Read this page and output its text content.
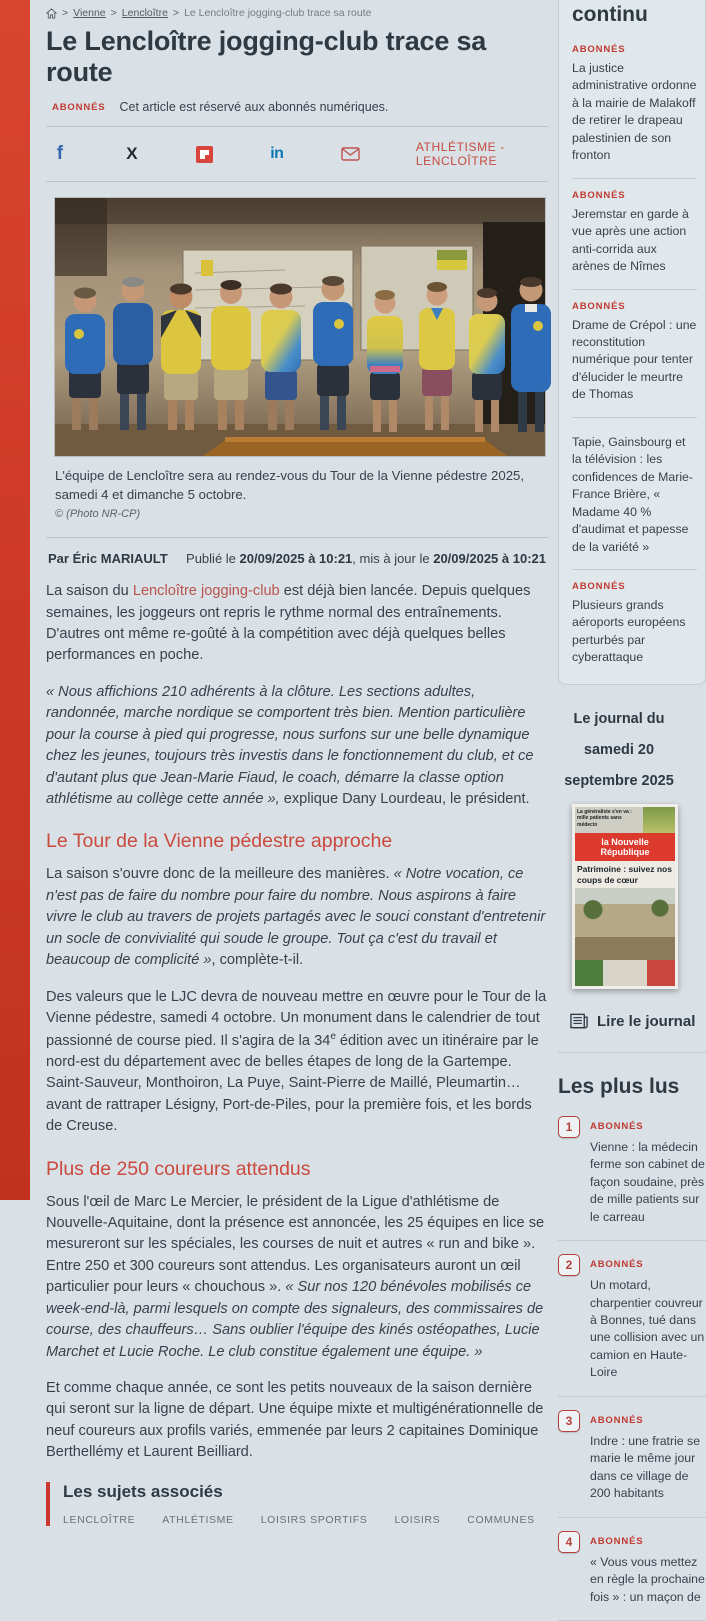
> Vienne > Lencloître > Le Lencloître jogging-club trace sa route
Le Lencloître jogging-club trace sa route
ABONNÉS Cet article est réservé aux abonnés numériques.
f	X	in	ATHLÉTISME - LENCLOÎTRE
L'équipe de Lencloître sera au rendez-vous du Tour de la Vienne pédestre 2025, samedi 4 et dimanche 5 octobre.
© (Photo NR-CP)
Par Éric MARIAULT Publié le 20/09/2025 à 10:21, mis à jour le 20/09/2025 à 10:21

La saison du Lencloître jogging-club est déjà bien lancée. Depuis quelques semaines, les joggeurs ont repris le rythme normal des entraînements. D'autres ont même re-goûté à la compétition avec déjà quelques belles performances en poche.

« Nous affichions 210 adhérents à la clôture. Les sections adultes, randonnée, marche nordique se comportent très bien. Mention particulière pour la course à pied qui progresse, nous surfons sur une belle dynamique chez les jeunes, toujours très investis dans le fonctionnement du club, et ce d'autant plus que Jean-Marie Fiaud, le coach, démarre la classe option athlétisme au collège cette année », explique Dany Lourdeau, le président.

Le Tour de la Vienne pédestre approche

La saison s'ouvre donc de la meilleure des manières. « Notre vocation, ce n'est pas de faire du nombre pour faire du nombre. Nous aspirons à faire vivre le club au travers de projets partagés avec le souci constant d'entretenir un socle de convivialité qui soude le groupe. Tout ça c'est du travail et beaucoup de complicité », complète-t-il.

Des valeurs que le LJC devra de nouveau mettre en œuvre pour le Tour de la Vienne pédestre, samedi 4 octobre. Un monument dans le calendrier de tout passionné de course pied. Il s'agira de la 34e édition avec un itinéraire par le nord-est du département avec de belles étapes de long de la Gartempe. Saint-Sauveur, Monthoiron, La Puye, Saint-Pierre de Maillé, Pleumartin… avant de rattraper Lésigny, Port-de-Piles, pour la première fois, et les bords de Creuse.

Plus de 250 coureurs attendus

Sous l'œil de Marc Le Mercier, le président de la Ligue d'athlétisme de Nouvelle-Aquitaine, dont la présence est annoncée, les 25 équipes en lice se mesureront sur les spéciales, les courses de nuit et autres « run and bike ». Entre 250 et 300 coureurs sont attendus. Les organisateurs auront un œil particulier pour leurs « chouchous ». « Sur nos 120 bénévoles mobilisés ce week-end-là, parmi lesquels on compte des signaleurs, des commissaires de course, des chauffeurs… Sans oublier l'équipe des kinés ostéopathes, Lucie Marchet et Lucie Roche. Le club constitue également une équipe. »

Et comme chaque année, ce sont les petits nouveaux de la saison dernière qui seront sur la ligne de départ. Une équipe mixte et multigénérationnelle de neuf coureurs aux profils variés, emmenée par leurs 2 capitaines Dominique Berthellémy et Laurent Beilliard.

Les sujets associés
LENCLOÎTRE	ATHLÉTISME	LOISIRS SPORTIFS	LOISIRS	COMMUNES
continu
ABONNÉS

La justice administrative ordonne à la mairie de Malakoff de retirer le drapeau palestinien de son fronton

ABONNÉS

Jeremstar en garde à vue après une action anti-corrida aux arènes de Nîmes

ABONNÉS

Drame de Crépol : une reconstitution numérique pour tenter d'élucider le meurtre de Thomas

Tapie, Gainsbourg et la télévision : les confidences de Marie-France Brière, « Madame 40 % d'audimat et papesse de la variété »

ABONNÉS

Plusieurs grands aéroports européens perturbés par cyberattaque

Le journal du
samedi 20
septembre 2025
La généraliste s'en va : mille patients sans médecin
la Nouvelle République
Patrimoine : suivez nos coups de cœur
Lire le journal
Les plus lus
1	ABONNÉS

Vienne : la médecin ferme son cabinet de façon soudaine, près de mille patients sur le carreau

2	ABONNÉS

Un motard, charpentier couvreur à Bonnes, tué dans une collision avec un camion en Haute-Loire

3	ABONNÉS

Indre : une fratrie se marie le même jour dans ce village de 200 habitants

4	ABONNÉS

« Vous vous mettez en règle la prochaine fois » : un maçon de
